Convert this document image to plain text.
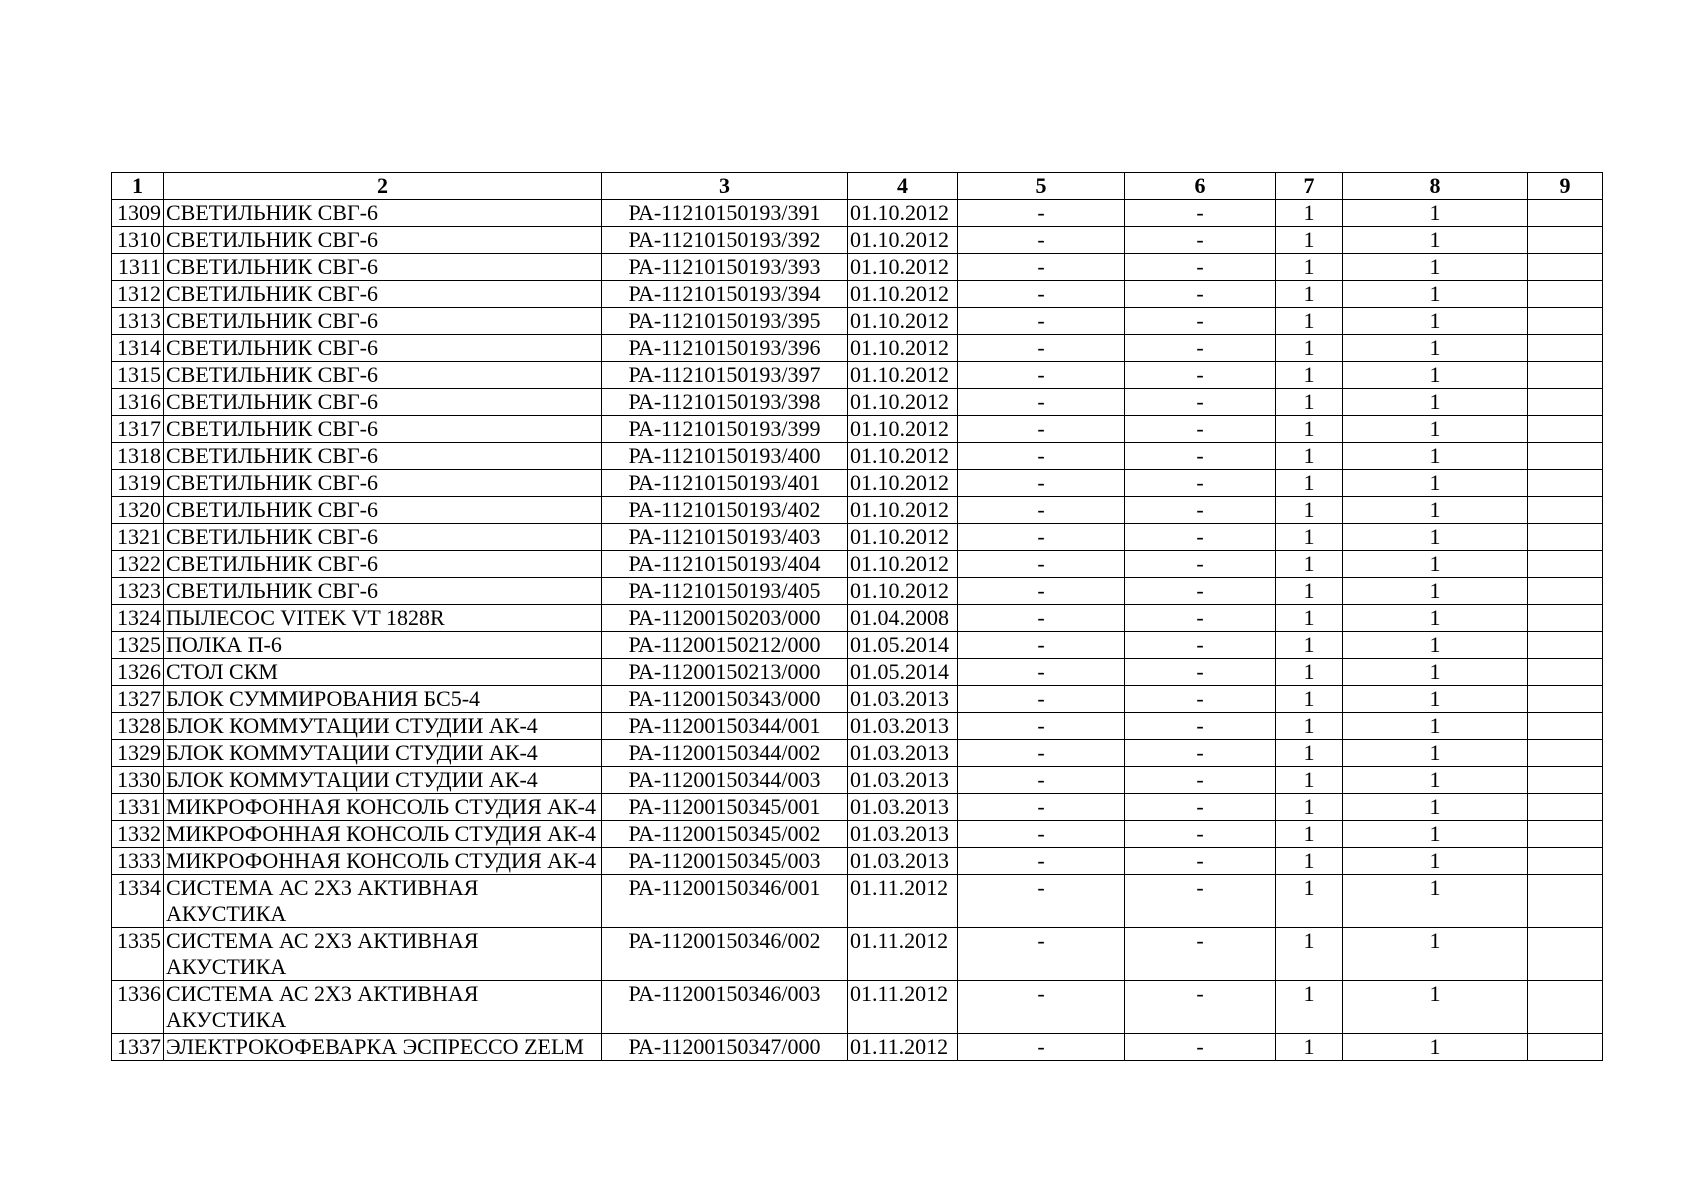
1	2	3	4	5	6	7	8	9
1309	СВЕТИЛЬНИК СВГ-6	РА-11210150193/391	01.10.2012	-	-	1	1	
1310	СВЕТИЛЬНИК СВГ-6	РА-11210150193/392	01.10.2012	-	-	1	1	
1311	СВЕТИЛЬНИК СВГ-6	РА-11210150193/393	01.10.2012	-	-	1	1	
1312	СВЕТИЛЬНИК СВГ-6	РА-11210150193/394	01.10.2012	-	-	1	1	
1313	СВЕТИЛЬНИК СВГ-6	РА-11210150193/395	01.10.2012	-	-	1	1	
1314	СВЕТИЛЬНИК СВГ-6	РА-11210150193/396	01.10.2012	-	-	1	1	
1315	СВЕТИЛЬНИК СВГ-6	РА-11210150193/397	01.10.2012	-	-	1	1	
1316	СВЕТИЛЬНИК СВГ-6	РА-11210150193/398	01.10.2012	-	-	1	1	
1317	СВЕТИЛЬНИК СВГ-6	РА-11210150193/399	01.10.2012	-	-	1	1	
1318	СВЕТИЛЬНИК СВГ-6	РА-11210150193/400	01.10.2012	-	-	1	1	
1319	СВЕТИЛЬНИК СВГ-6	РА-11210150193/401	01.10.2012	-	-	1	1	
1320	СВЕТИЛЬНИК СВГ-6	РА-11210150193/402	01.10.2012	-	-	1	1	
1321	СВЕТИЛЬНИК СВГ-6	РА-11210150193/403	01.10.2012	-	-	1	1	
1322	СВЕТИЛЬНИК СВГ-6	РА-11210150193/404	01.10.2012	-	-	1	1	
1323	СВЕТИЛЬНИК СВГ-6	РА-11210150193/405	01.10.2012	-	-	1	1	
1324	ПЫЛЕСОС VITEK VT 1828R	РА-11200150203/000	01.04.2008	-	-	1	1	
1325	ПОЛКА П-6	РА-11200150212/000	01.05.2014	-	-	1	1	
1326	СТОЛ СКМ	РА-11200150213/000	01.05.2014	-	-	1	1	
1327	БЛОК СУММИРОВАНИЯ БС5-4	РА-11200150343/000	01.03.2013	-	-	1	1	
1328	БЛОК КОММУТАЦИИ СТУДИИ АК-4	РА-11200150344/001	01.03.2013	-	-	1	1	
1329	БЛОК КОММУТАЦИИ СТУДИИ АК-4	РА-11200150344/002	01.03.2013	-	-	1	1	
1330	БЛОК КОММУТАЦИИ СТУДИИ АК-4	РА-11200150344/003	01.03.2013	-	-	1	1	
1331	МИКРОФОННАЯ КОНСОЛЬ СТУДИЯ АК-4	РА-11200150345/001	01.03.2013	-	-	1	1	
1332	МИКРОФОННАЯ КОНСОЛЬ СТУДИЯ АК-4	РА-11200150345/002	01.03.2013	-	-	1	1	
1333	МИКРОФОННАЯ КОНСОЛЬ СТУДИЯ АК-4	РА-11200150345/003	01.03.2013	-	-	1	1	
1334	СИСТЕМА АС 2Х3 АКТИВНАЯ АКУСТИКА	РА-11200150346/001	01.11.2012	-	-	1	1	
1335	СИСТЕМА АС 2Х3 АКТИВНАЯ АКУСТИКА	РА-11200150346/002	01.11.2012	-	-	1	1	
1336	СИСТЕМА АС 2Х3 АКТИВНАЯ АКУСТИКА	РА-11200150346/003	01.11.2012	-	-	1	1	
1337	ЭЛЕКТРОКОФЕВАРКА ЭСПРЕССО ZELM	РА-11200150347/000	01.11.2012	-	-	1	1	
